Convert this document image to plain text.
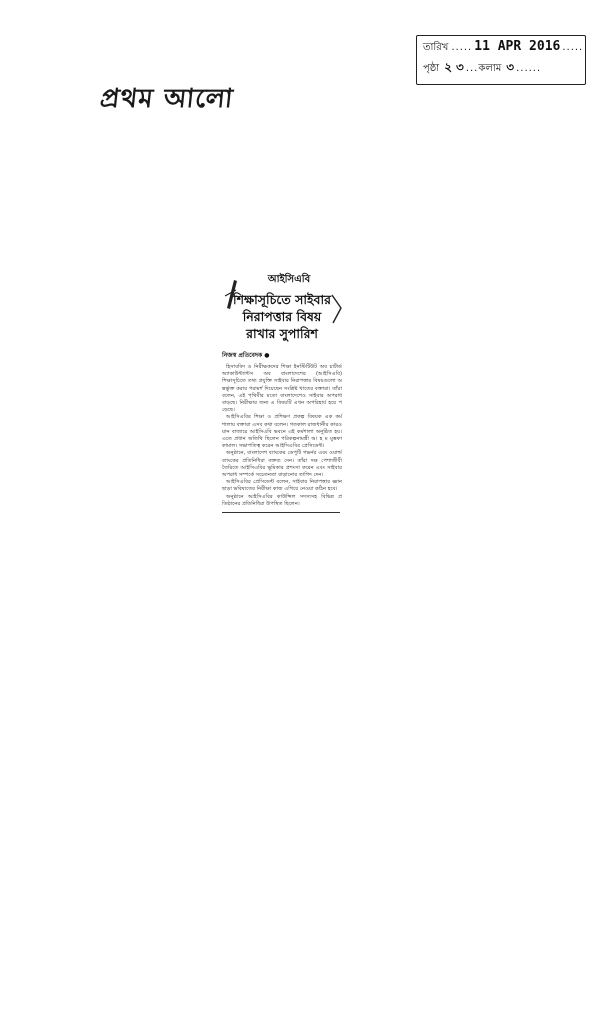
প্রথম আলো
তারিখ ..... 11 APR 2016 .....
পৃষ্ঠা ২ ৩ ... কলাম ৩ ......
আইসিএবি
শিক্ষাসূচিতে সাইবার
নিরাপত্তার বিষয়
রাখার সুপারিশ
নিজস্ব প্রতিবেদক ●

হিসাববিদ ও নিরীক্ষকদের শিক্ষা ইনস্টিটিউট অব চার্টার্ড অ্যাকাউন্ট্যান্টস অব বাংলাদেশের (আইসিএবি) শিক্ষাসূচিতে তথ্য প্রযুক্তি সাইবার নিরাপত্তার বিষয়গুলো অন্তর্ভুক্ত করার পরামর্শ দিয়েছেন সংশ্লিষ্ট খাতের বক্তারা। তাঁরা বলেন, এই পৃথিবীর মতো বাংলাদেশেও সাইবার অপরাধ বাড়ছে। নিরীক্ষার জন্য এ বিষয়টি এখন অপরিহার্য হয়ে পড়েছে।

আইসিএবির শিক্ষা ও প্রশিক্ষণ প্রকল্প বিষয়ক এক কর্মশালায় বক্তারা এসব কথা বলেন। গতকাল রাজধানীর কারওয়ান বাজারে আইসিএবি ভবনে এই কর্মশালা অনুষ্ঠিত হয়। এতে প্রধান অতিথি ছিলেন পরিকল্পনামন্ত্রী আ হ ম মুস্তফা কামাল। সভাপতিত্ব করেন আইসিএবির প্রেসিডেন্ট।

অনুষ্ঠানে, বাংলাদেশ ব্যাংকের ডেপুটি গভর্নর এবং ওয়ার্ল্ড ব্যাংকের প্রতিনিধিরা বক্তব্য দেন। তাঁরা দক্ষ পেশাজীবী তৈরিতে আইসিএবির ভূমিকার প্রশংসা করেন এবং সাইবার অপরাধ সম্পর্কে সচেতনতা বাড়ানোর তাগিদ দেন।

আইসিএবির প্রেসিডেন্ট বলেন, সাইবার নিরাপত্তার জ্ঞান ছাড়া ভবিষ্যতের নিরীক্ষা কাজ এগিয়ে নেওয়া কঠিন হবে।

অনুষ্ঠানে আইসিএবির কাউন্সিল সদস্যসহ বিভিন্ন প্রতিষ্ঠানের প্রতিনিধিরা উপস্থিত ছিলেন।
